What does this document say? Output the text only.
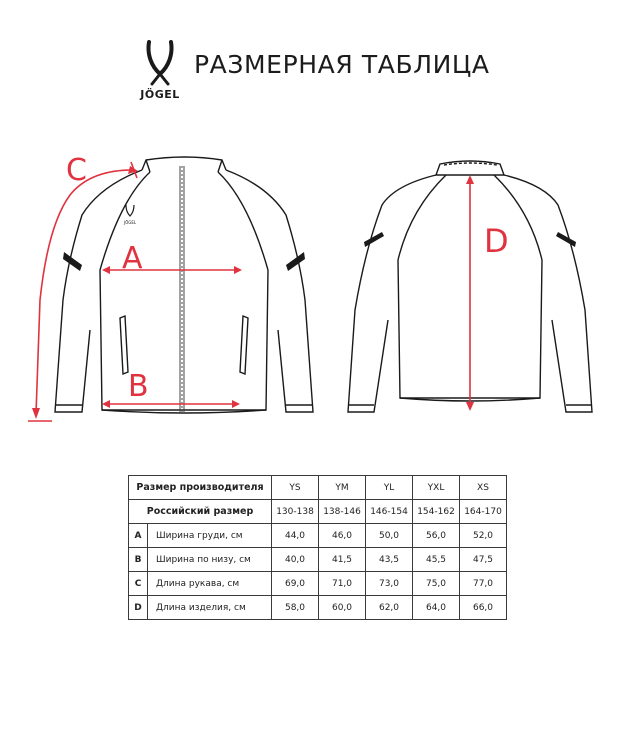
JÖGEL
РАЗМЕРНАЯ ТАБЛИЦА
JÖGEL
A
B
C
D
Размер производителя		YS	YM	YL	YXL	XS
Российский размер		130-138	138-146	146-154	154-162	164-170
A	Ширина груди, см	44,0	46,0	50,0	56,0	52,0
B	Ширина по низу, см	40,0	41,5	43,5	45,5	47,5
C	Длина рукава, см	69,0	71,0	73,0	75,0	77,0
D	Длина изделия, см	58,0	60,0	62,0	64,0	66,0
